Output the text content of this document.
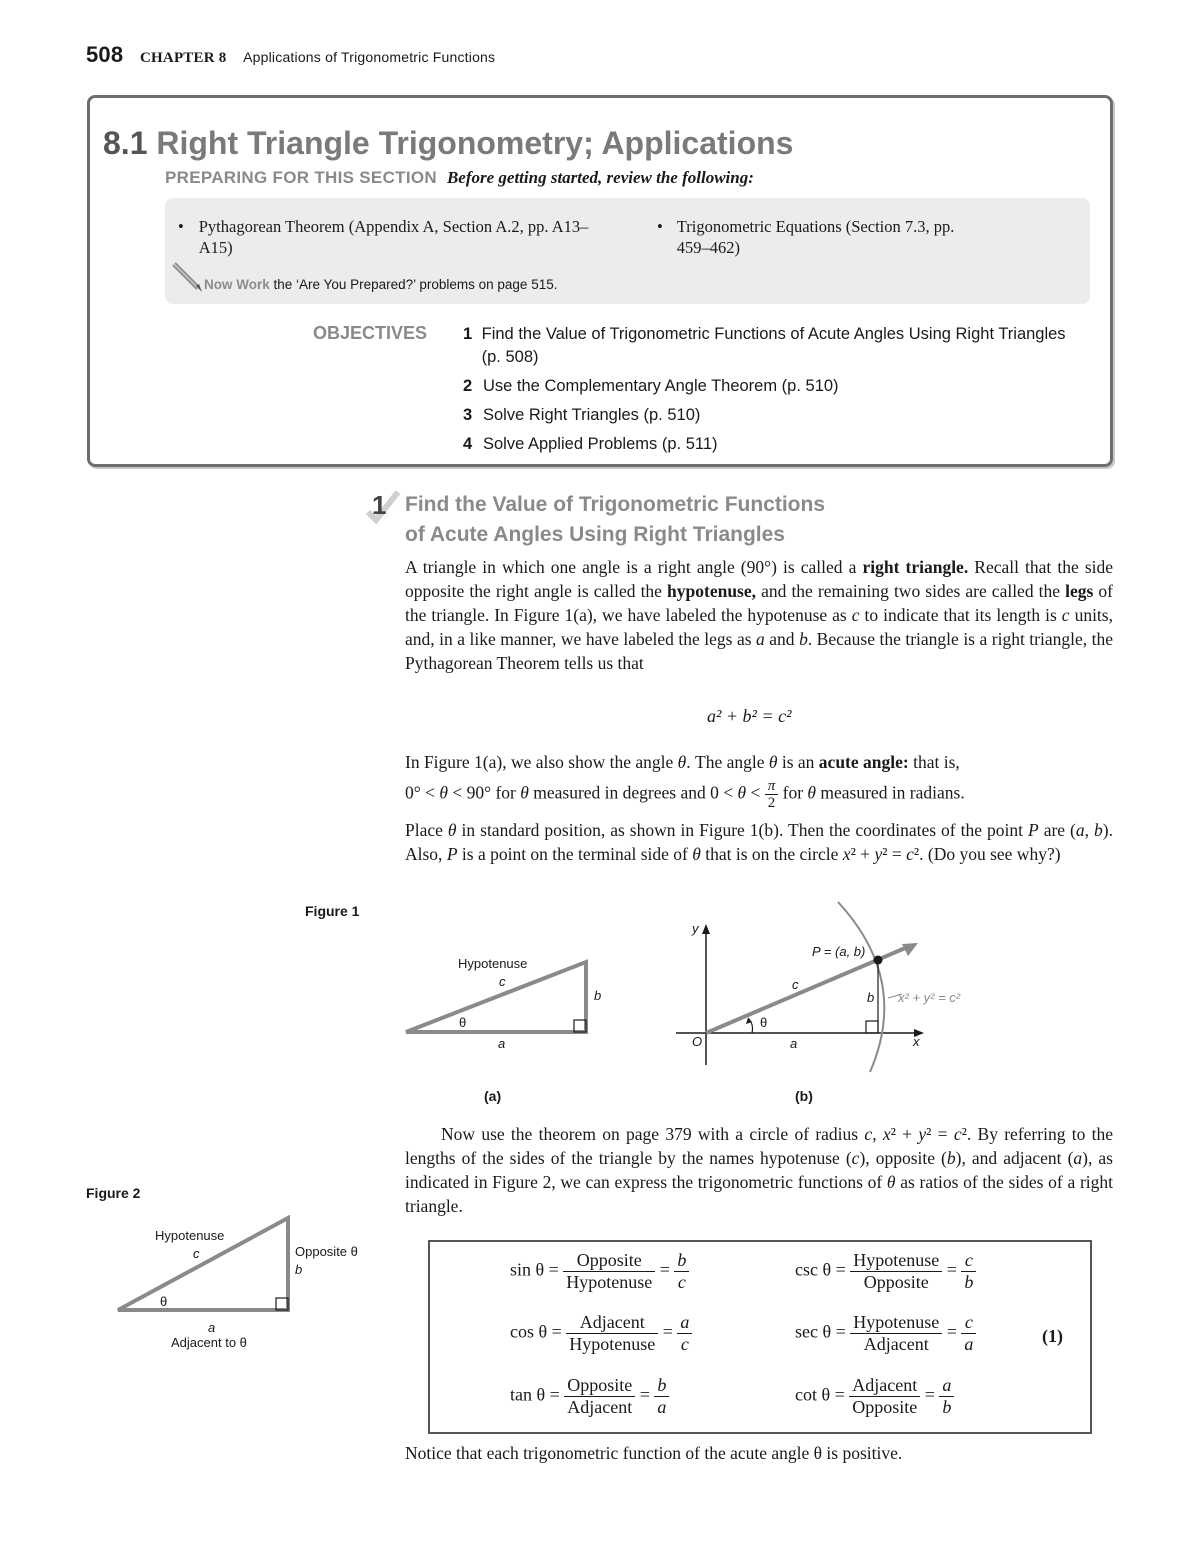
508 CHAPTER 8 Applications of Trigonometric Functions
8.1 Right Triangle Trigonometry; Applications
PREPARING FOR THIS SECTION Before getting started, review the following:
• Pythagorean Theorem (Appendix A, Section A.2, pp. A13–A15)
• Trigonometric Equations (Section 7.3, pp. 459–462)
Now Work the ‘Are You Prepared?’ problems on page 515.
OBJECTIVES 1 Find the Value of Trigonometric Functions of Acute Angles Using Right Triangles (p. 508)
2 Use the Complementary Angle Theorem (p. 510)
3 Solve Right Triangles (p. 510)
4 Solve Applied Problems (p. 511)
1 Find the Value of Trigonometric Functions
of Acute Angles Using Right Triangles
A triangle in which one angle is a right angle (90°) is called a right triangle. Recall that the side opposite the right angle is called the hypotenuse, and the remaining two sides are called the legs of the triangle. In Figure 1(a), we have labeled the hypotenuse as c to indicate that its length is c units, and, in a like manner, we have labeled the legs as a and b. Because the triangle is a right triangle, the Pythagorean Theorem tells us that
a² + b² = c²
In Figure 1(a), we also show the angle θ. The angle θ is an acute angle: that is,
0° < θ < 90° for θ measured in degrees and $0 < \theta < \frac{\pi}{2}$ for θ measured in radians.
Place θ in standard position, as shown in Figure 1(b). Then the coordinates of the point P are (a, b). Also, P is a point on the terminal side of θ that is on the circle x² + y² = c². (Do you see why?)
Figure 1
Hypotenuse
c
b
θ
a
(a)
y
x
O
P = (a, b)
c
b
a
θ
x² + y² = c²
(b)
Now use the theorem on page 379 with a circle of radius c, x² + y² = c². By referring to the lengths of the sides of the triangle by the names hypotenuse (c), opposite (b), and adjacent (a), as indicated in Figure 2, we can express the trigonometric functions of θ as ratios of the sides of a right triangle.
Figure 2
Hypotenuse
c	Opposite θ
b
θ
a
Adjacent to θ
$\sin \theta = \frac{\text{Opposite}}{\text{Hypotenuse}} = \frac{b}{c}$
$\cos \theta = \frac{\text{Adjacent}}{\text{Hypotenuse}} = \frac{a}{c}$
$\tan \theta = \frac{\text{Opposite}}{\text{Adjacent}} = \frac{b}{a}$
$\csc \theta = \frac{\text{Hypotenuse}}{\text{Opposite}} = \frac{c}{b}$
$\sec \theta = \frac{\text{Hypotenuse}}{\text{Adjacent}} = \frac{c}{a}$
$\cot \theta = \frac{\text{Adjacent}}{\text{Opposite}} = \frac{a}{b}$
(1)
Notice that each trigonometric function of the acute angle θ is positive.
